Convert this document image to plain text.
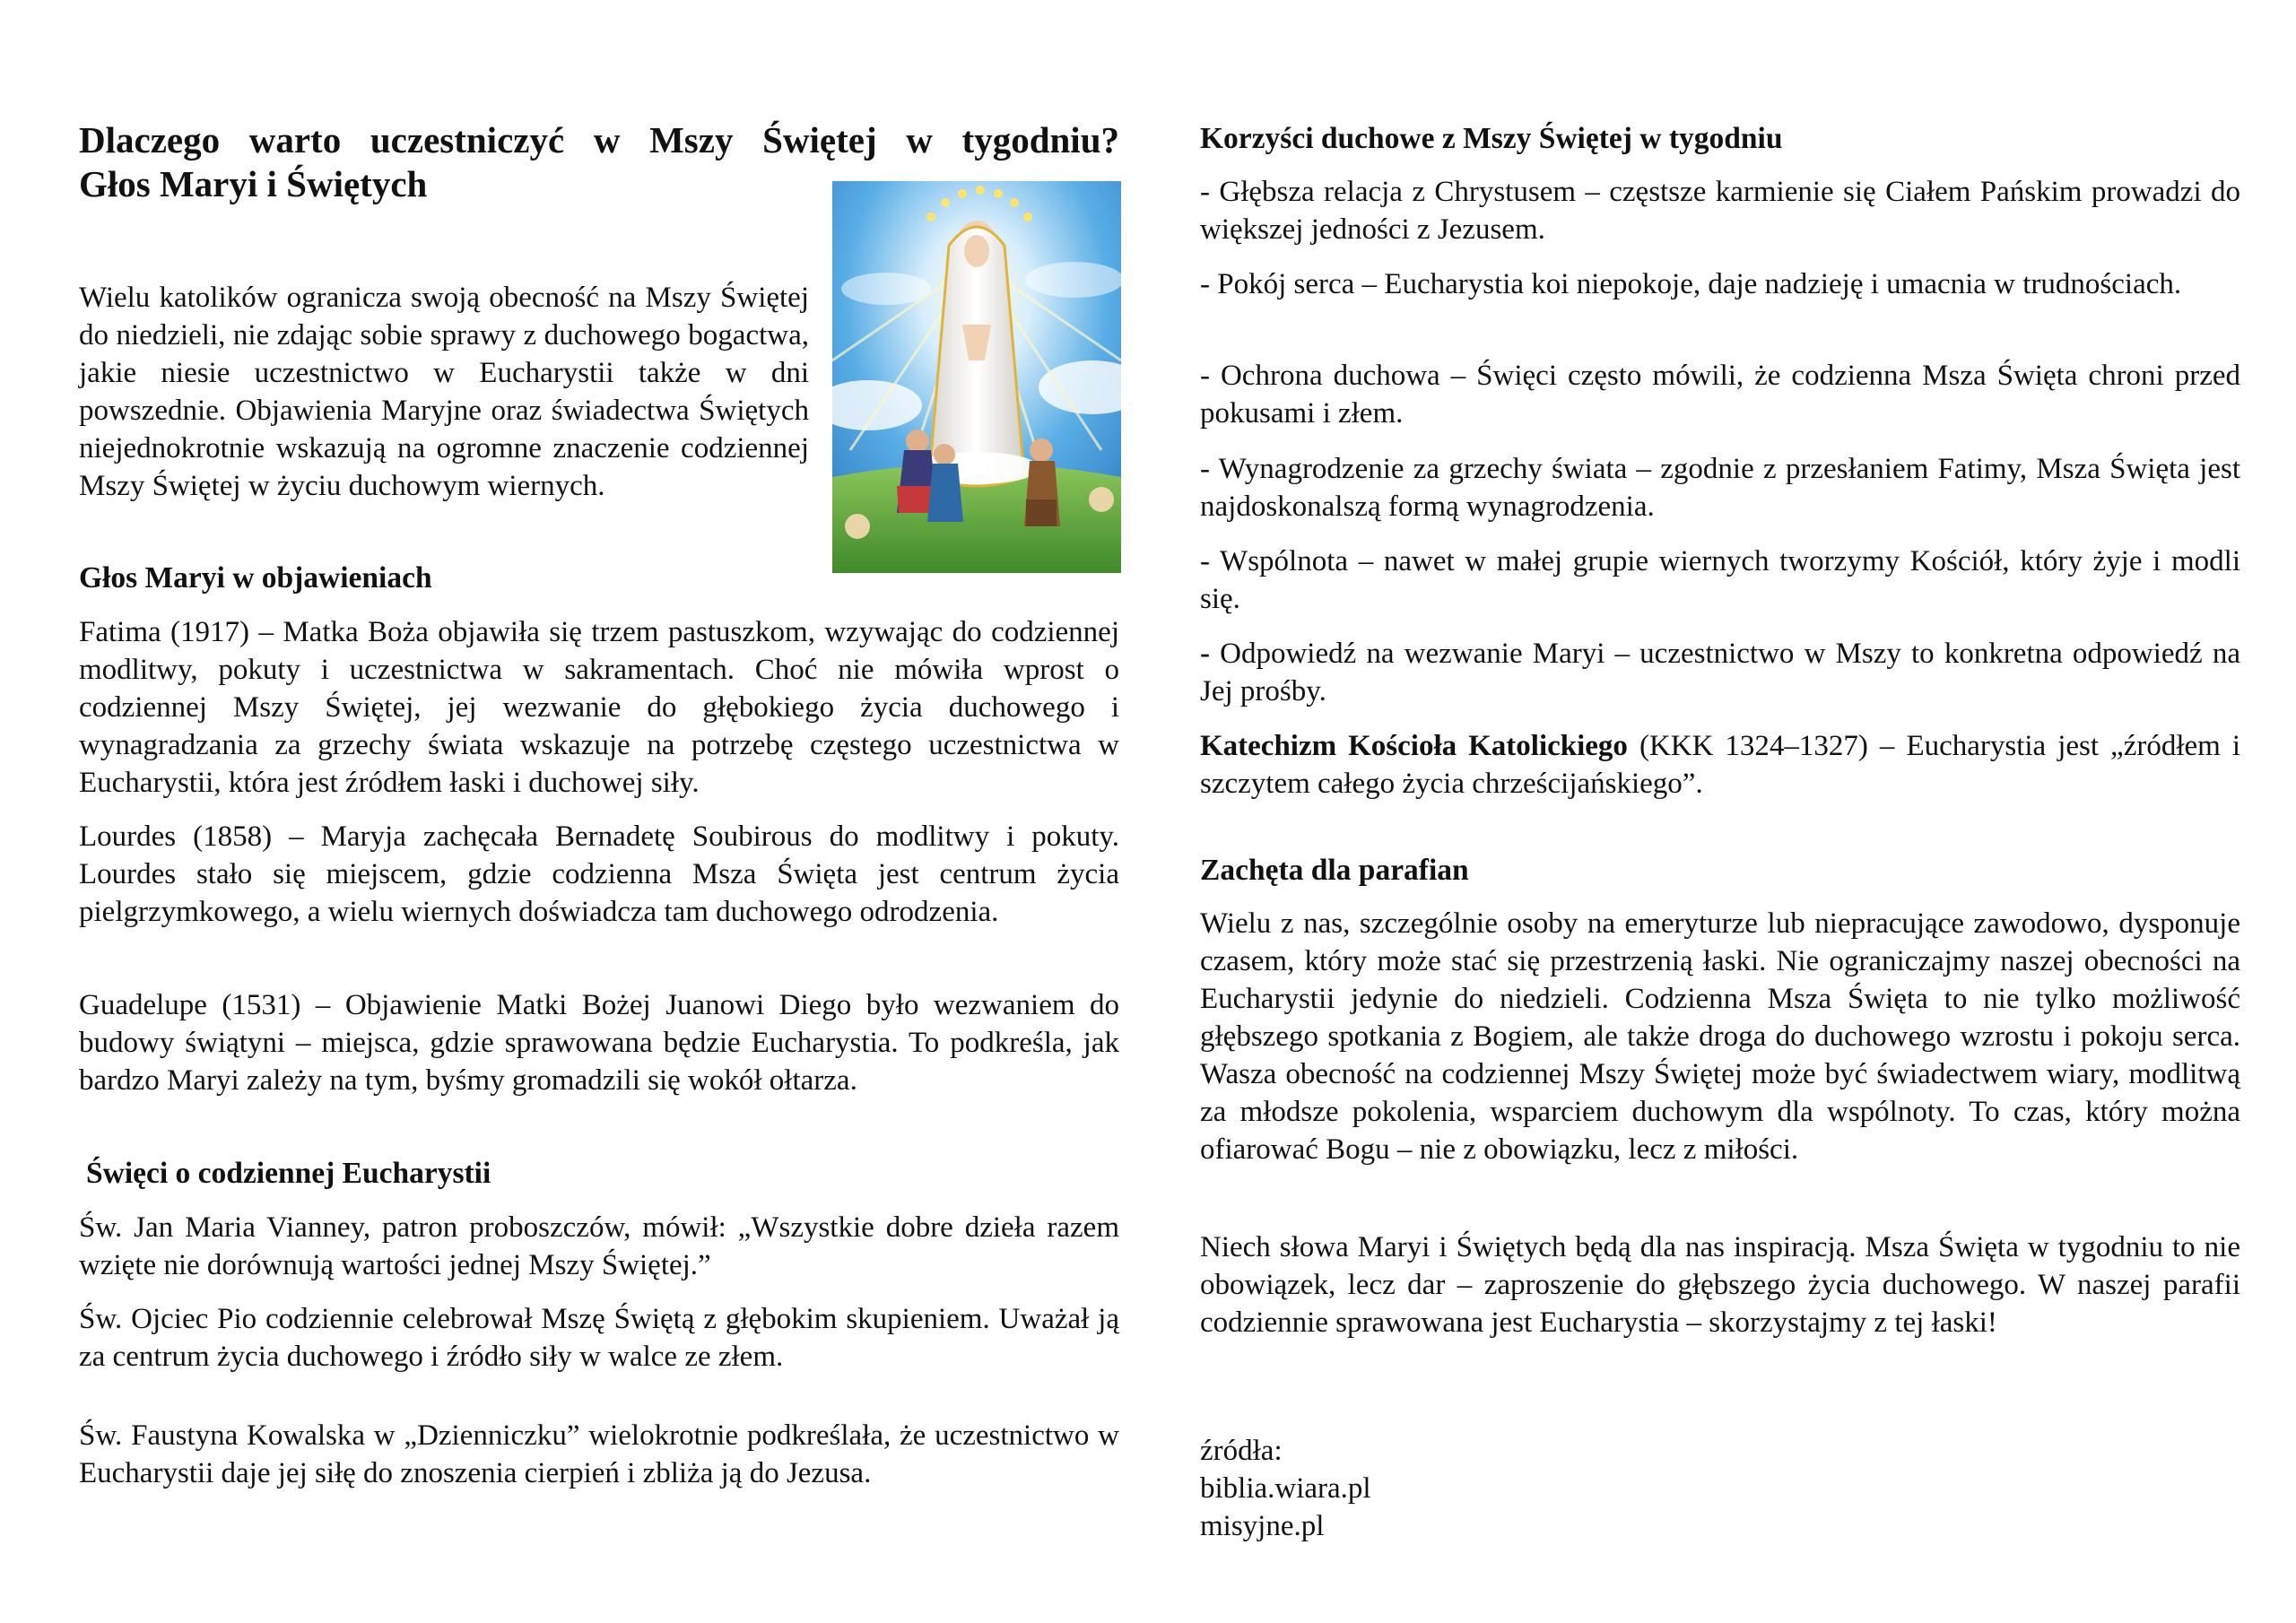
Dlaczego warto uczestniczyć w Mszy Świętej w tygodniu?
Głos Maryi i Świętych

Wielu katolików ogranicza swoją obecność na Mszy Świętej do niedzieli, nie zdając sobie sprawy z duchowego bogactwa, jakie niesie uczestnictwo w Eucharystii także w dni powszednie. Objawienia Maryjne oraz świadectwa Świętych niejednokrotnie wskazują na ogromne znaczenie codziennej Mszy Świętej w życiu duchowym wiernych.

Głos Maryi w objawieniach

Fatima (1917) – Matka Boża objawiła się trzem pastuszkom, wzywając do codziennej modlitwy, pokuty i uczestnictwa w sakramentach. Choć nie mówiła wprost o codziennej Mszy Świętej, jej wezwanie do głębokiego życia duchowego i wynagradzania za grzechy świata wskazuje na potrzebę częstego uczestnictwa w Eucharystii, która jest źródłem łaski i duchowej siły.

Lourdes (1858) – Maryja zachęcała Bernadetę Soubirous do modlitwy i pokuty. Lourdes stało się miejscem, gdzie codzienna Msza Święta jest centrum życia pielgrzymkowego, a wielu wiernych doświadcza tam duchowego odrodzenia.

Guadelupe (1531) – Objawienie Matki Bożej Juanowi Diego było wezwaniem do budowy świątyni – miejsca, gdzie sprawowana będzie Eucharystia. To podkreśla, jak bardzo Maryi zależy na tym, byśmy gromadzili się wokół ołtarza.

Święci o codziennej Eucharystii

Św. Jan Maria Vianney, patron proboszczów, mówił: „Wszystkie dobre dzieła razem wzięte nie dorównują wartości jednej Mszy Świętej.”

Św. Ojciec Pio codziennie celebrował Mszę Świętą z głębokim skupieniem. Uważał ją za centrum życia duchowego i źródło siły w walce ze złem.

Św. Faustyna Kowalska w „Dzienniczku” wielokrotnie podkreślała, że uczestnictwo w Eucharystii daje jej siłę do znoszenia cierpień i zbliża ją do Jezusa.

Korzyści duchowe z Mszy Świętej w tygodniu

- Głębsza relacja z Chrystusem – częstsze karmienie się Ciałem Pańskim prowadzi do większej jedności z Jezusem.

- Pokój serca – Eucharystia koi niepokoje, daje nadzieję i umacnia w trudnościach.

- Ochrona duchowa – Święci często mówili, że codzienna Msza Święta chroni przed pokusami i złem.

- Wynagrodzenie za grzechy świata – zgodnie z przesłaniem Fatimy, Msza Święta jest najdoskonalszą formą wynagrodzenia.

- Wspólnota – nawet w małej grupie wiernych tworzymy Kościół, który żyje i modli się.

- Odpowiedź na wezwanie Maryi – uczestnictwo w Mszy to konkretna odpowiedź na Jej prośby.

Katechizm Kościoła Katolickiego (KKK 1324–1327) – Eucharystia jest „źródłem i szczytem całego życia chrześcijańskiego”.

Zachęta dla parafian

Wielu z nas, szczególnie osoby na emeryturze lub niepracujące zawodowo, dysponuje czasem, który może stać się przestrzenią łaski. Nie ograniczajmy naszej obecności na Eucharystii jedynie do niedzieli. Codzienna Msza Święta to nie tylko możliwość głębszego spotkania z Bogiem, ale także droga do duchowego wzrostu i pokoju serca. Wasza obecność na codziennej Mszy Świętej może być świadectwem wiary, modlitwą za młodsze pokolenia, wsparciem duchowym dla wspólnoty. To czas, który można ofiarować Bogu – nie z obowiązku, lecz z miłości.

Niech słowa Maryi i Świętych będą dla nas inspiracją. Msza Święta w tygodniu to nie obowiązek, lecz dar – zaproszenie do głębszego życia duchowego. W naszej parafii codziennie sprawowana jest Eucharystia – skorzystajmy z tej łaski!

źródła:
biblia.wiara.pl
misyjne.pl
